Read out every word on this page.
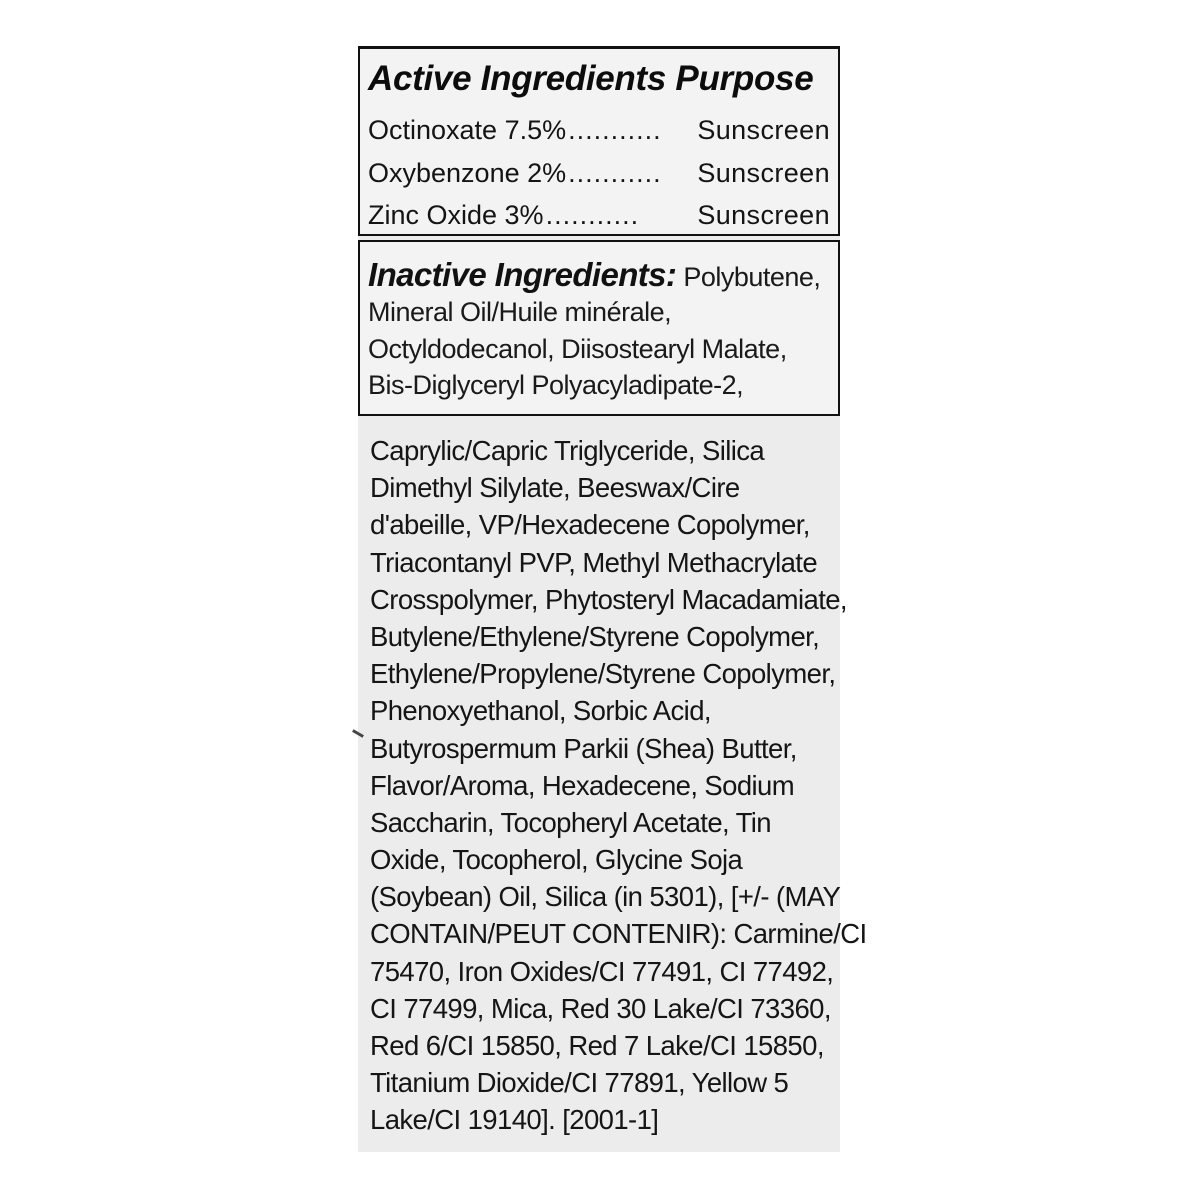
Active Ingredients Purpose
Octinoxate 7.5% ...........	Sunscreen
Oxybenzone 2% ...........	Sunscreen
Zinc Oxide 3% ...........	Sunscreen
Inactive Ingredients: Polybutene,
Mineral Oil/Huile minérale,
Octyldodecanol, Diisostearyl Malate,
Bis-Diglyceryl Polyacyladipate-2,
Caprylic/Capric Triglyceride, Silica
Dimethyl Silylate, Beeswax/Cire
d'abeille, VP/Hexadecene Copolymer,
Triacontanyl PVP, Methyl Methacrylate
Crosspolymer, Phytosteryl Macadamiate,
Butylene/Ethylene/Styrene Copolymer,
Ethylene/Propylene/Styrene Copolymer,
Phenoxyethanol, Sorbic Acid,
Butyrospermum Parkii (Shea) Butter,
Flavor/Aroma, Hexadecene, Sodium
Saccharin, Tocopheryl Acetate, Tin
Oxide, Tocopherol, Glycine Soja
(Soybean) Oil, Silica (in 5301), [+/- (MAY
CONTAIN/PEUT CONTENIR): Carmine/CI
75470, Iron Oxides/CI 77491, CI 77492,
CI 77499, Mica, Red 30 Lake/CI 73360,
Red 6/CI 15850, Red 7 Lake/CI 15850,
Titanium Dioxide/CI 77891, Yellow 5
Lake/CI 19140]. [2001-1]
